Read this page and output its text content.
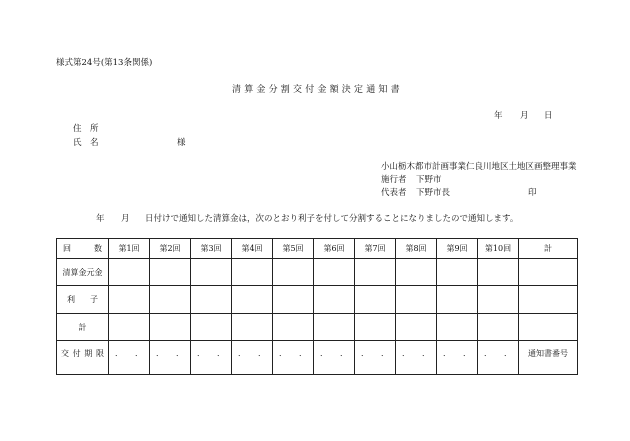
様式第24号(第13条関係)
清算金分割交付金額決定通知書
年 月 日
住　所
氏　名	様
小山栃木都市計画事業仁良川地区土地区画整理事業
施行者 下野市
代表者 下野市長	印
年 月 日付けで通知した清算金は，次のとおり利子を付して分割することになりましたので通知します。
回 数	第1回	第2回	第3回	第4回	第5回	第6回	第7回	第8回	第9回	第10回	計
清算金元金											

利 子											

計											

交 付 期 限	． ．	． ．	． ．	． ．	． ．	． ．	． ．	． ．	． ．	． ．	通知書番号
